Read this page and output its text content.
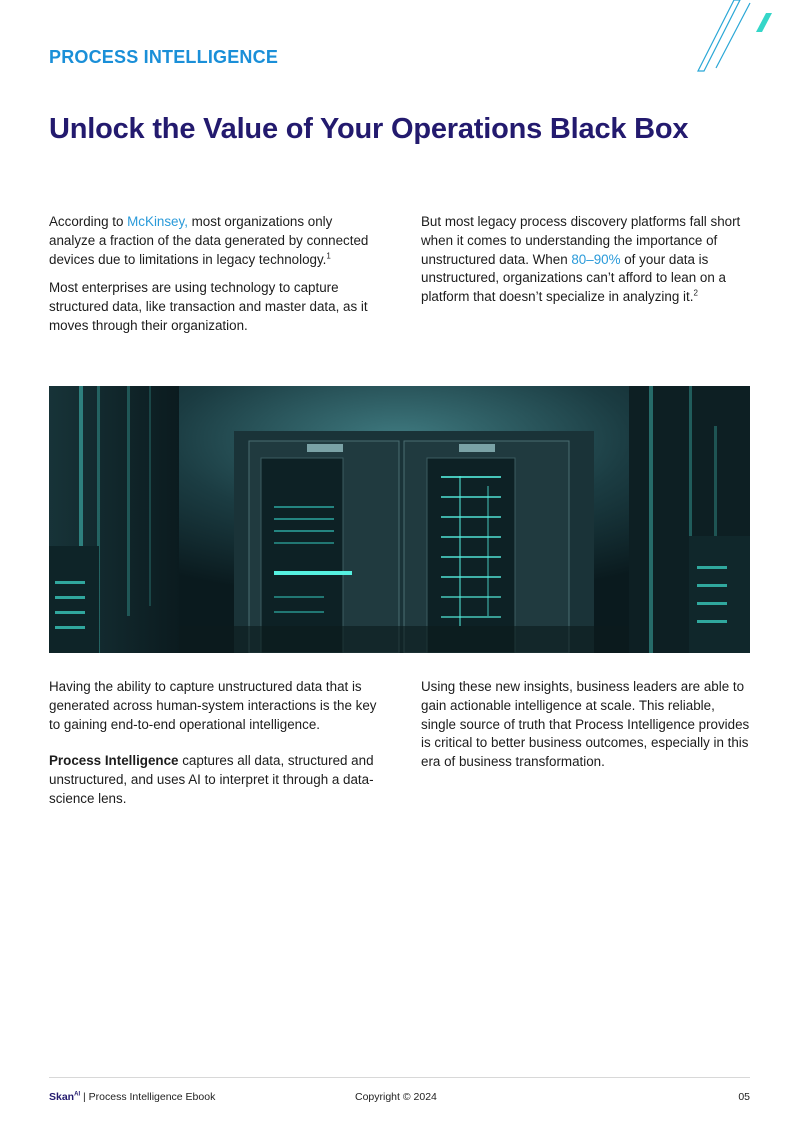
PROCESS INTELLIGENCE
Unlock the Value of Your Operations Black Box

According to McKinsey, most organizations only analyze a fraction of the data generated by connected devices due to limitations in legacy technology.$^1$

Most enterprises are using technology to capture structured data, like transaction and master data, as it moves through their organization.

But most legacy process discovery platforms fall short when it comes to understanding the importance of unstructured data. When 80–90% of your data is unstructured, organizations can’t afford to lean on a platform that doesn’t specialize in analyzing it.$^2$

Having the ability to capture unstructured data that is generated across human-system interactions is the key to gaining end-to-end operational intelligence.

Process Intelligence captures all data, structured and unstructured, and uses AI to interpret it through a data-science lens.

Using these new insights, business leaders are able to gain actionable intelligence at scale. This reliable, single source of truth that Process Intelligence provides is critical to better business outcomes, especially in this era of business transformation.

Skan$^{AI}$ | Process Intelligence Ebook	Copyright © 2024	05
